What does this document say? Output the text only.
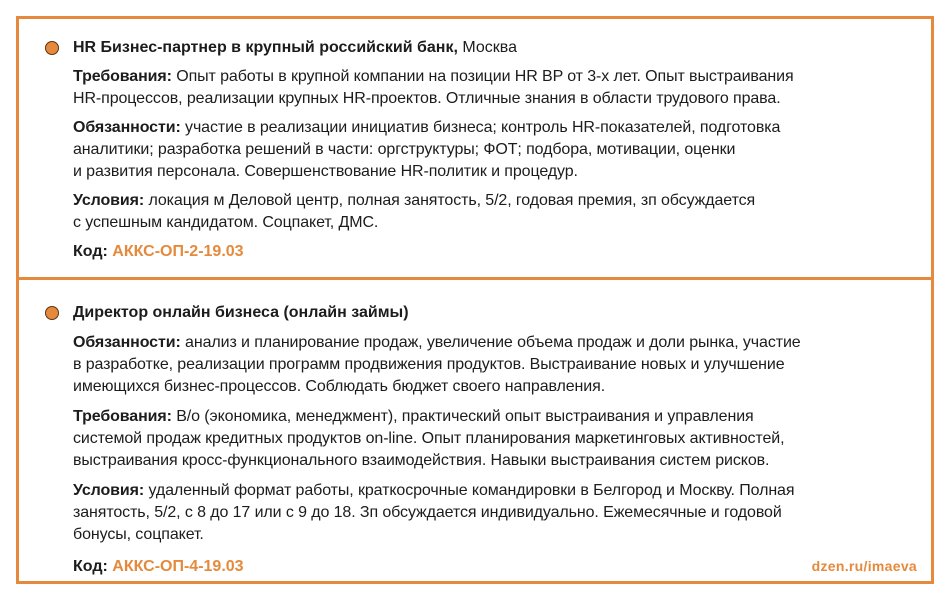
HR Бизнес-партнер в крупный российский банк, Москва

Требования: Опыт работы в крупной компании на позиции HR BP от 3-х лет. Опыт выстраивания
HR-процессов, реализации крупных HR-проектов. Отличные знания в области трудового права.

Обязанности: участие в реализации инициатив бизнеса; контроль HR-показателей, подготовка
аналитики; разработка решений в части: оргструктуры; ФОТ; подбора, мотивации, оценки
и развития персонала. Совершенствование HR-политик и процедур.

Условия: локация м Деловой центр, полная занятость, 5/2, годовая премия, зп обсуждается
с успешным кандидатом. Соцпакет, ДМС.

Код: АККС-ОП-2-19.03

Директор онлайн бизнеса (онлайн займы)

Обязанности: анализ и планирование продаж, увеличение объема продаж и доли рынка, участие
в разработке, реализации программ продвижения продуктов. Выстраивание новых и улучшение
имеющихся бизнес-процессов. Соблюдать бюджет своего направления.

Требования: В/о (экономика, менеджмент), практический опыт выстраивания и управления
системой продаж кредитных продуктов on-line. Опыт планирования маркетинговых активностей,
выстраивания кросс-функционального взаимодействия. Навыки выстраивания систем рисков.

Условия: удаленный формат работы, краткосрочные командировки в Белгород и Москву. Полная
занятость, 5/2, с 8 до 17 или с 9 до 18. Зп обсуждается индивидуально. Ежемесячные и годовой
бонусы, соцпакет.

Код: АККС-ОП-4-19.03	dzen.ru/imaeva
